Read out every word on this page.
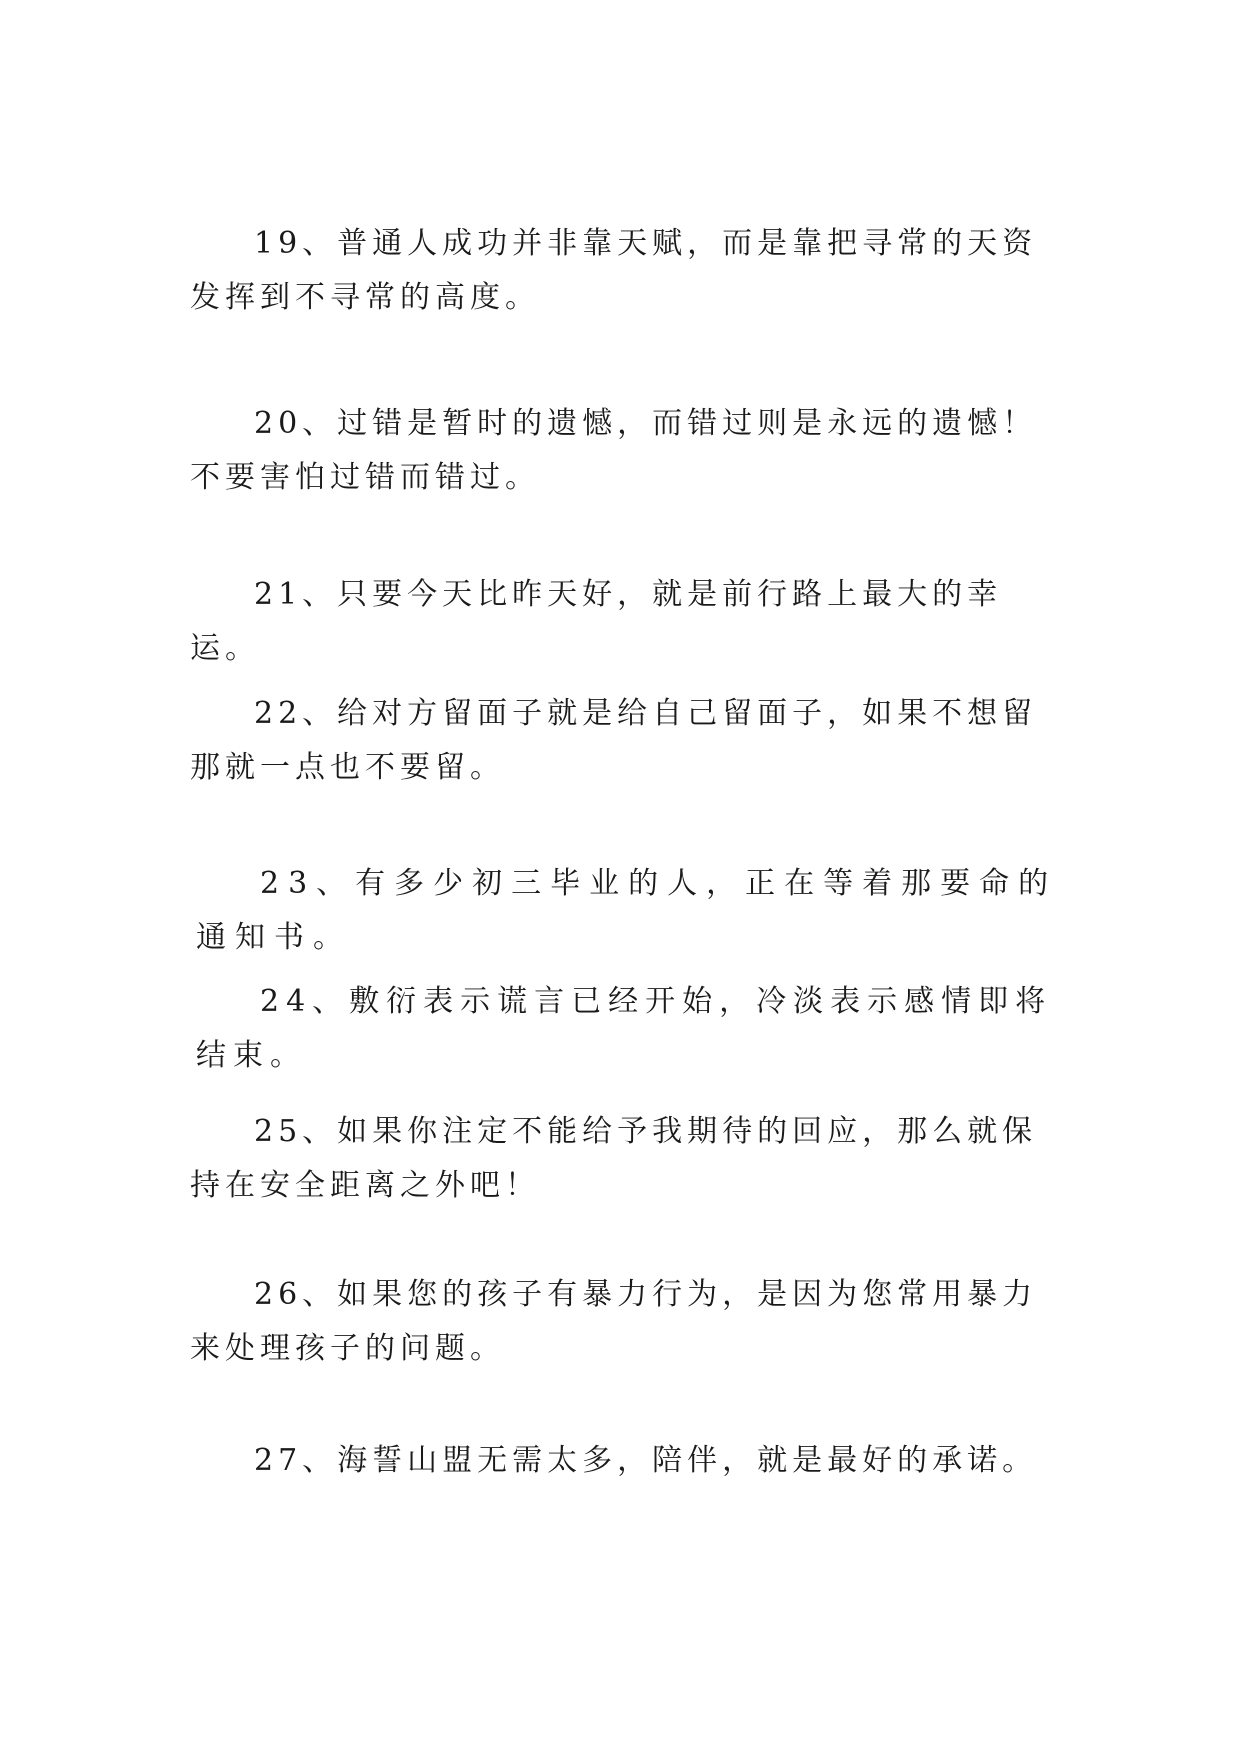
19、普通人成功并非靠天赋，而是靠把寻常的天资发挥到不寻常的高度。

20、过错是暂时的遗憾，而错过则是永远的遗憾！不要害怕过错而错过。

21、只要今天比昨天好，就是前行路上最大的幸运。

22、给对方留面子就是给自己留面子，如果不想留那就一点也不要留。

23、有多少初三毕业的人，正在等着那要命的通知书。

24、敷衍表示谎言已经开始，冷淡表示感情即将结束。

25、如果你注定不能给予我期待的回应，那么就保持在安全距离之外吧！

26、如果您的孩子有暴力行为，是因为您常用暴力来处理孩子的问题。

27、海誓山盟无需太多，陪伴，就是最好的承诺。
